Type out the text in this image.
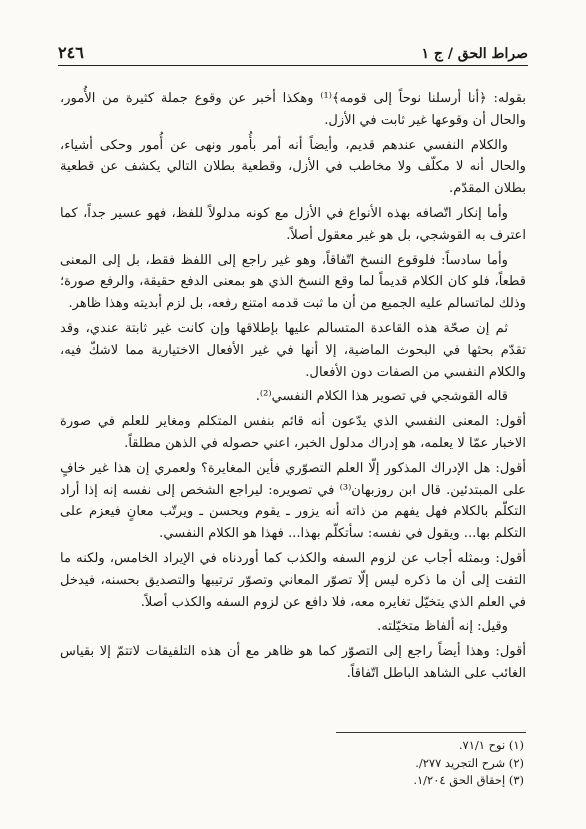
صراط الحق / ج ١
٢٤٦

بقوله: ﴿أنا أرسلنا نوحاً إلى قومه﴾⁽¹⁾ وهكذا أخبر عن وقوع جملة كثيرة من الأُمور، والحال أن وقوعها غير ثابت في الأزل.

والكلام النفسي عندهم قديم، وأيضاً أنه أمر بأُمور ونهى عن أُمور وحكى أشياء، والحال أنه لا مكلّف ولا مخاطب في الأزل، وقطعية بطلان التالي يكشف عن قطعية بطلان المقدّم.

وأما إنكار اتّصافه بهذه الأنواع في الأزل مع كونه مدلولاً للفظ، فهو عسير جداً، كما اعترف به القوشجي، بل هو غير معقول أصلاً.

وأما سادساً: فلوقوع النسخ اتّفاقاً، وهو غير راجع إلى اللفظ فقط، بل إلى المعنى قطعاً، فلو كان الكلام قديماً لما وقع النسخ الذي هو بمعنى الدفع حقيقة، والرفع صورة؛ وذلك لماتسالم عليه الجميع من أن ما ثبت قدمه امتنع رفعه، بل لزم أبديته وهذا ظاهر.

ثم إن صحّة هذه القاعدة المتسالم عليها بإطلاقها وإن كانت غير ثابتة عندي، وقد تقدّم بحثها في البحوث الماضية، إلا أنها في غير الأفعال الاختيارية مما لاشكّ فيه، والكلام النفسي من الصفات دون الأفعال.

قاله القوشجي في تصوير هذا الكلام النفسي⁽²⁾.

أقول: المعنى النفسي الذي يدّعون أنه قائم بنفس المتكلم ومغاير للعلم في صورة الاخبار عمّا لا يعلمه، هو إدراك مدلول الخبر، اعني حصوله في الذهن مطلقاً.

أقول: هل الإدراك المذكور إلّا العلم التصوّري فأين المغايرة؟ ولعمري إن هذا غير خافٍ على المبتدئين. قال ابن روزبهان⁽³⁾ في تصويره: ليراجع الشخص إلى نفسه إنه إذا أراد التكلّم بالكلام فهل يفهم من ذاته أنه يزور ـ يقوم ويحسن ـ ويرتّب معانٍ فيعزم على التكلم بها... ويقول في نفسه: سأتكلّم بهذا... فهذا هو الكلام النفسي.

أقول: وبمثله أجاب عن لزوم السفه والكذب كما أوردناه في الإيراد الخامس، ولكنه ما التفت إلى أن ما ذكره ليس إلّا تصوّر المعاني وتصوّر ترتيبها والتصديق بحسنه، فيدخل في العلم الذي يتخيّل تغايره معه، فلا دافع عن لزوم السفه والكذب أصلاً.

وقيل: إنه ألفاظ متخيّلته.

أقول: وهذا أيضاً راجع إلى التصوّر كما هو ظاهر مع أن هذه التلفيقات لاتتمّ إلا بقياس الغائب على الشاهد الباطل اتّفاقاً.

(١) نوح ٧١/١.
(٢) شرح التجريد ٢٧٧/.
(٣) إحقاق الحق ١/٢٠٤.
